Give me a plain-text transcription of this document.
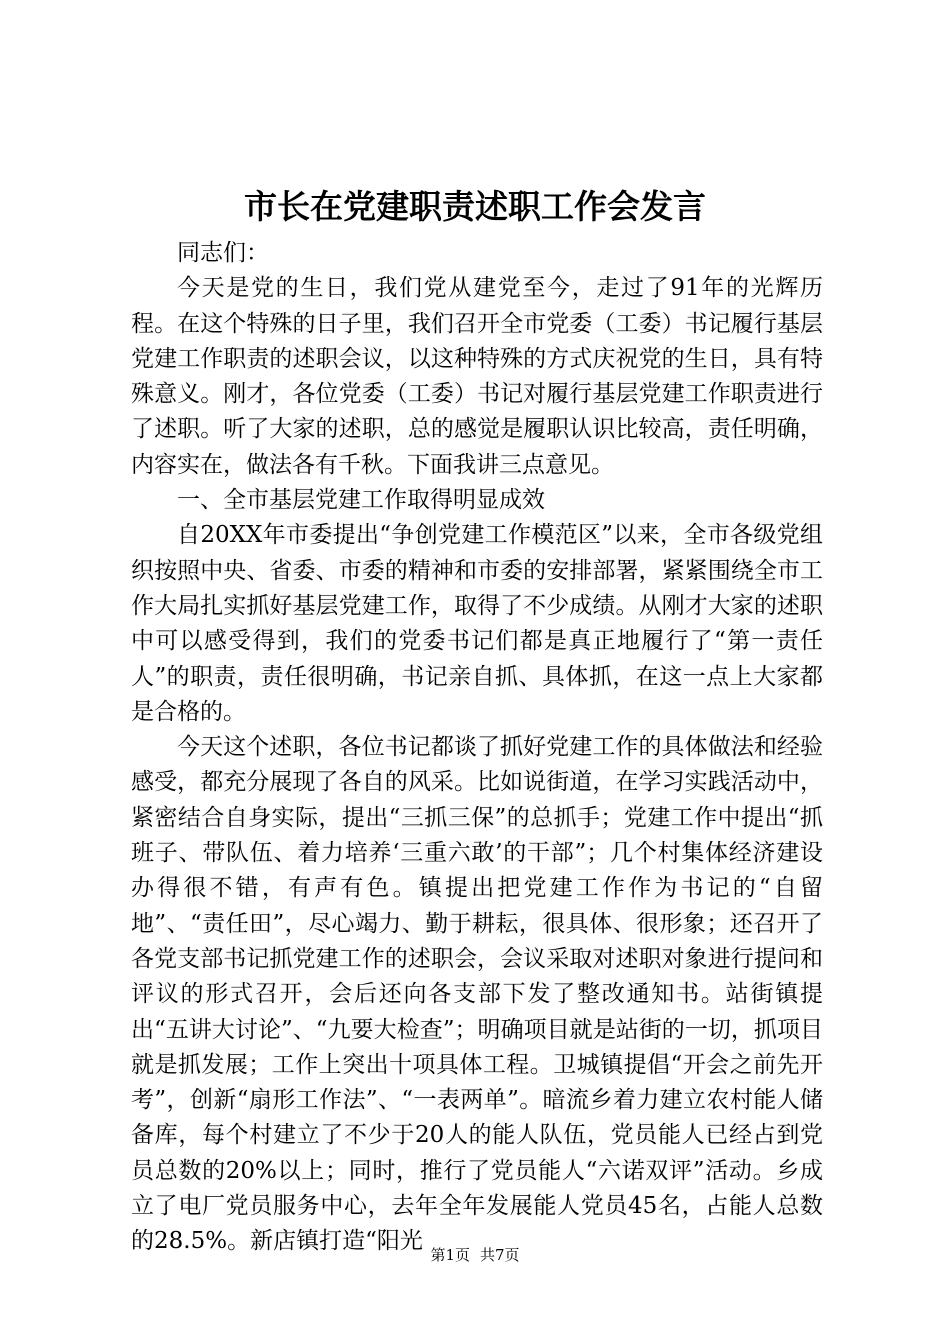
市长在党建职责述职工作会发言

同志们：

今天是党的生日，我们党从建党至今，走过了91年的光辉历程。在这个特殊的日子里，我们召开全市党委（工委）书记履行基层党建工作职责的述职会议，以这种特殊的方式庆祝党的生日，具有特殊意义。刚才，各位党委（工委）书记对履行基层党建工作职责进行了述职。听了大家的述职，总的感觉是履职认识比较高，责任明确，内容实在，做法各有千秋。下面我讲三点意见。

一、全市基层党建工作取得明显成效

自20XX年市委提出“争创党建工作模范区”以来，全市各级党组织按照中央、省委、市委的精神和市委的安排部署，紧紧围绕全市工作大局扎实抓好基层党建工作，取得了不少成绩。从刚才大家的述职中可以感受得到，我们的党委书记们都是真正地履行了“第一责任人”的职责，责任很明确，书记亲自抓、具体抓，在这一点上大家都是合格的。

今天这个述职，各位书记都谈了抓好党建工作的具体做法和经验感受，都充分展现了各自的风采。比如说街道，在学习实践活动中，紧密结合自身实际，提出“三抓三保”的总抓手；党建工作中提出“抓班子、带队伍、着力培养‘三重六敢’的干部”；几个村集体经济建设办得很不错，有声有色。镇提出把党建工作作为书记的“自留地”、“责任田”，尽心竭力、勤于耕耘，很具体、很形象；还召开了各党支部书记抓党建工作的述职会，会议采取对述职对象进行提问和评议的形式召开，会后还向各支部下发了整改通知书。站街镇提出“五讲大讨论”、“九要大检查”；明确项目就是站街的一切，抓项目就是抓发展；工作上突出十项具体工程。卫城镇提倡“开会之前先开考”，创新“扇形工作法”、“一表两单”。暗流乡着力建立农村能人储备库，每个村建立了不少于20人的能人队伍，党员能人已经占到党员总数的20%以上；同时，推行了党员能人“六诺双评”活动。乡成立了电厂党员服务中心，去年全年发展能人党员45名，占能人总数的28.5%。新店镇打造“阳光

第1页 共7页
